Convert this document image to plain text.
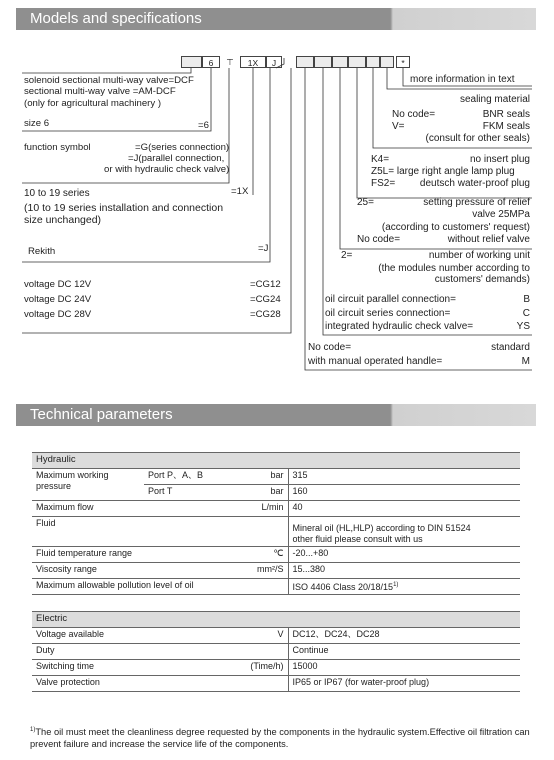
Models and specifications
Technical parameters
6	⊤	1X	J	*
solenoid sectional multi-way valve=DCF
sectional multi-way valve =AM-DCF
(only for agricultural machinery )
size 6	=6
function symbol	=G(series connection)
=J(parallel connection,
or with hydraulic check valve)
10 to 19 series	=1X
(10 to 19 series installation and connection
size unchanged)
Rekith	=J
voltage DC 12V	=CG12
voltage DC 24V	=CG24
voltage DC 28V	=CG28
more information in text
sealing material
No code=	BNR seals
V=	FKM seals
(consult for other seals)
K4=	no insert plug
Z5L= large right angle lamp plug
FS2= deutsch water-proof plug
25=	setting pressure of relief
valve 25MPa
(according to customers' request)
No code=	without relief valve
2=	number of working unit
(the modules number according to
customers' demands)
oil circuit parallel connection=	B
oil circuit series connection=	C
integrated hydraulic check valve=	YS
No code=	standard
with manual operated handle=	M
Hydraulic			
Maximum working
pressure	Port P、A、B	bar	315
	Port T	bar	160
Maximum flow		L/min	40
Fluid			Mineral oil (HL,HLP) according to DIN 51524
other fluid please consult with us
Fluid temperature range		℃	-20...+80
Viscosity range		mm²/S	15...380
Maximum allowable pollution level of oil			ISO 4406 Class 20/18/15$^{1)}$

Electric			
Voltage available		V	DC12、DC24、DC28
Duty			Continue
Switching time		(Time/h)	15000
Valve protection			IP65 or IP67 (for water-proof plug)
$^{1)}$The oil must meet the cleanliness degree requested by the components in the hydraulic system.Effective oil filtration can prevent failure and increase the service life of the components.
